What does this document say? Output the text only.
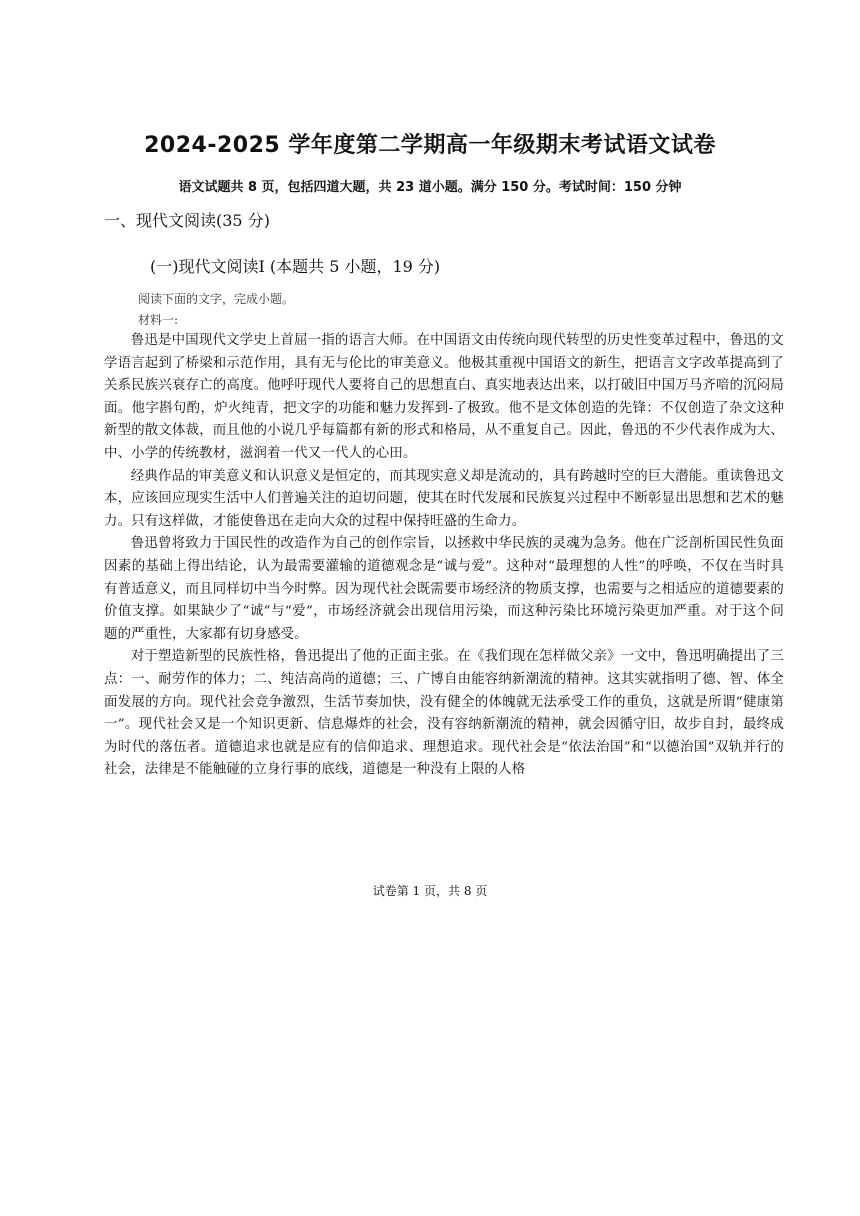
2024-2025 学年度第二学期高一年级期末考试语文试卷
语文试题共 8 页，包括四道大题，共 23 道小题。满分 150 分。考试时间：150 分钟
一、现代文阅读(35 分)
(一)现代文阅读Ⅰ (本题共 5 小题，19 分)
阅读下面的文字，完成小题。
材料一:

鲁迅是中国现代文学史上首屈一指的语言大师。在中国语文由传统向现代转型的历史性变革过程中，鲁迅的文学语言起到了桥梁和示范作用，具有无与伦比的审美意义。他极其重视中国语文的新生，把语言文字改革提高到了关系民族兴衰存亡的高度。他呼吁现代人要将自己的思想直白、真实地表达出来，以打破旧中国万马齐喑的沉闷局面。他字斟句酌，炉火纯青，把文字的功能和魅力发挥到-了极致。他不是文体创造的先锋：不仅创造了杂文这种新型的散文体裁，而且他的小说几乎每篇都有新的形式和格局，从不重复自己。因此，鲁迅的不少代表作成为大、中、小学的传统教材，滋润着一代又一代人的心田。

经典作品的审美意义和认识意义是恒定的，而其现实意义却是流动的，具有跨越时空的巨大潜能。重读鲁迅文本，应该回应现实生活中人们普遍关注的迫切问题，使其在时代发展和民族复兴过程中不断彰显出思想和艺术的魅力。只有这样做，才能使鲁迅在走向大众的过程中保持旺盛的生命力。

鲁迅曾将致力于国民性的改造作为自己的创作宗旨，以拯救中华民族的灵魂为急务。他在广泛剖析国民性负面因素的基础上得出结论，认为最需要灌输的道德观念是“诚与爱”。这种对“最理想的人性”的呼唤，不仅在当时具有普适意义，而且同样切中当今时弊。因为现代社会既需要市场经济的物质支撑，也需要与之相适应的道德要素的价值支撑。如果缺少了“诚”与“爱”，市场经济就会出现信用污染，而这种污染比环境污染更加严重。对于这个问题的严重性，大家都有切身感受。

对于塑造新型的民族性格，鲁迅提出了他的正面主张。在《我们现在怎样做父亲》一文中，鲁迅明确提出了三点：一、耐劳作的体力；二、纯洁高尚的道德；三、广博自由能容纳新潮流的精神。这其实就指明了德、智、体全面发展的方向。现代社会竞争激烈，生活节奏加快，没有健全的体魄就无法承受工作的重负，这就是所谓“健康第一”。现代社会又是一个知识更新、信息爆炸的社会，没有容纳新潮流的精神，就会因循守旧，故步自封，最终成为时代的落伍者。道德追求也就是应有的信仰追求、理想追求。现代社会是“依法治国”和“以德治国”双轨并行的社会，法律是不能触碰的立身行事的底线，道德是一种没有上限的人格

试卷第 1 页，共 8 页
